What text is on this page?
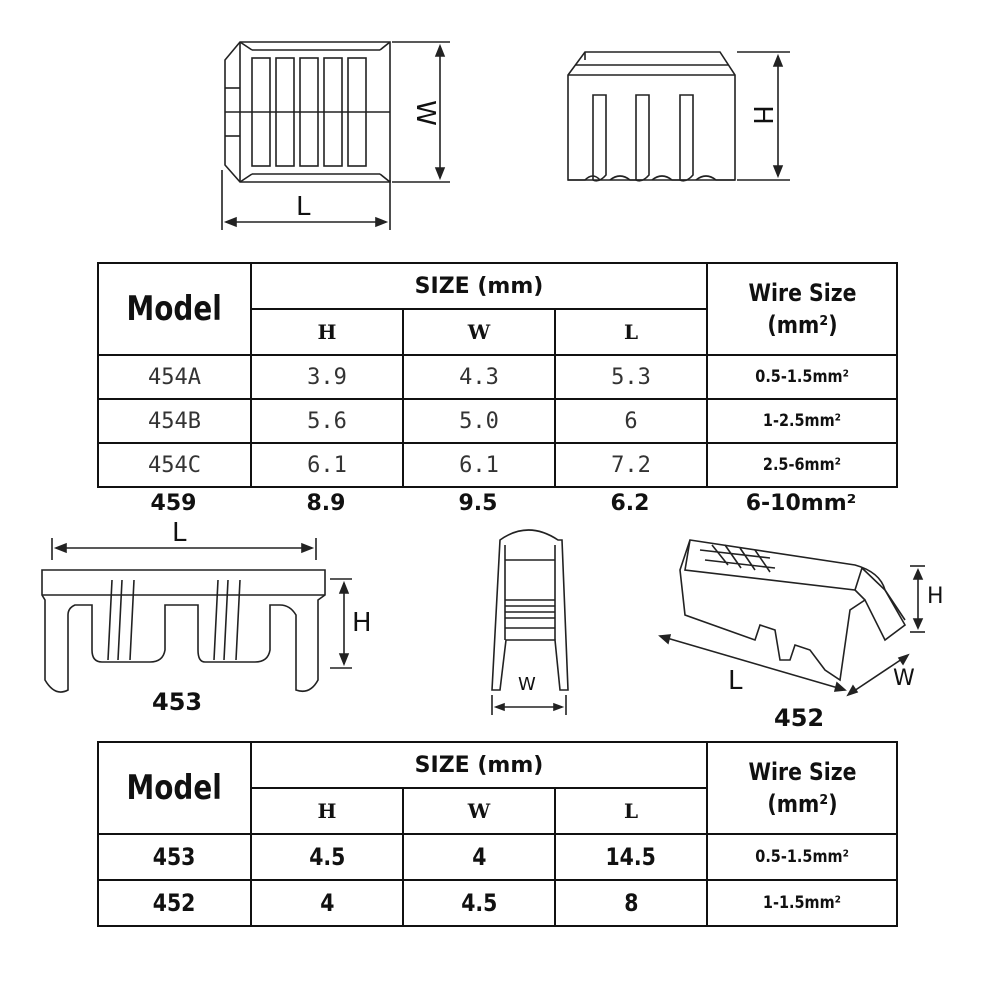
L
W	H
L
H
453
W	L	W
H
452
Model	SIZE (mm)			Wire Size
(mm²)
	H	W	L	
454A	3.9	4.3	5.3	0.5-1.5mm²
454B	5.6	5.0	6	1-2.5mm²
454C	6.1	6.1	7.2	2.5-6mm²
459	8.9	9.5	6.2	6-10mm²
Model	SIZE (mm)			Wire Size
(mm²)
	H	W	L	
453	4.5	4	14.5	0.5-1.5mm²
452	4	4.5	8	1-1.5mm²
